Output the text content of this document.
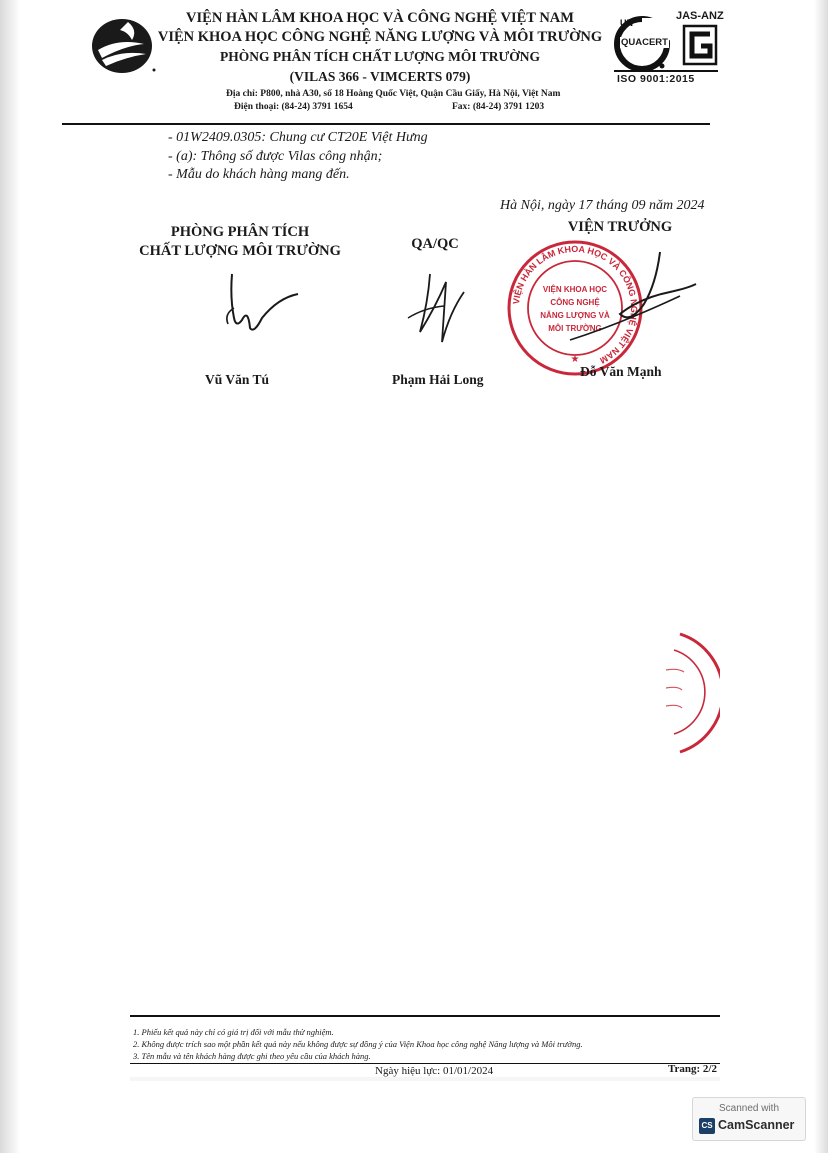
VIỆN HÀN LÂM KHOA HỌC VÀ CÔNG NGHỆ VIỆT NAM
VIỆN KHOA HỌC CÔNG NGHỆ NĂNG LƯỢNG VÀ MÔI TRƯỜNG
PHÒNG PHÂN TÍCH CHẤT LƯỢNG MÔI TRƯỜNG
(VILAS 366 - VIMCERTS 079)
Địa chỉ: P800, nhà A30, số 18 Hoàng Quốc Việt, Quận Cầu Giấy, Hà Nội, Việt Nam
Điện thoại: (84-24) 3791 1654	Fax: (84-24) 3791 1203
JAS-ANZ
UN
QUACERT
ISO 9001:2015
- 01W2409.0305: Chung cư CT20E Việt Hưng
- (a): Thông số được Vilas công nhận;
- Mẫu do khách hàng mang đến.
Hà Nội, ngày 17 tháng 09 năm 2024
PHÒNG PHÂN TÍCH
CHẤT LƯỢNG MÔI TRƯỜNG
Vũ Văn Tú
QA/QC
Phạm Hải Long
VIỆN TRƯỞNG
VIỆN HÀN LÂM KHOA HỌC VÀ CÔNG NGHỆ VIỆT NAM
VIỆN KHOA HỌC
CÔNG NGHỆ
NĂNG LƯỢNG VÀ
MÔI TRƯỜNG
★
Đỗ Văn Mạnh
1. Phiếu kết quả này chỉ có giá trị đối với mẫu thử nghiệm.
2. Không được trích sao một phần kết quả này nếu không được sự đồng ý của Viện Khoa học công nghệ Năng lượng và Môi trường.
3. Tên mẫu và tên khách hàng được ghi theo yêu cầu của khách hàng.
Ngày hiệu lực: 01/01/2024	Trang: 2/2
Scanned with
CS CamScanner
